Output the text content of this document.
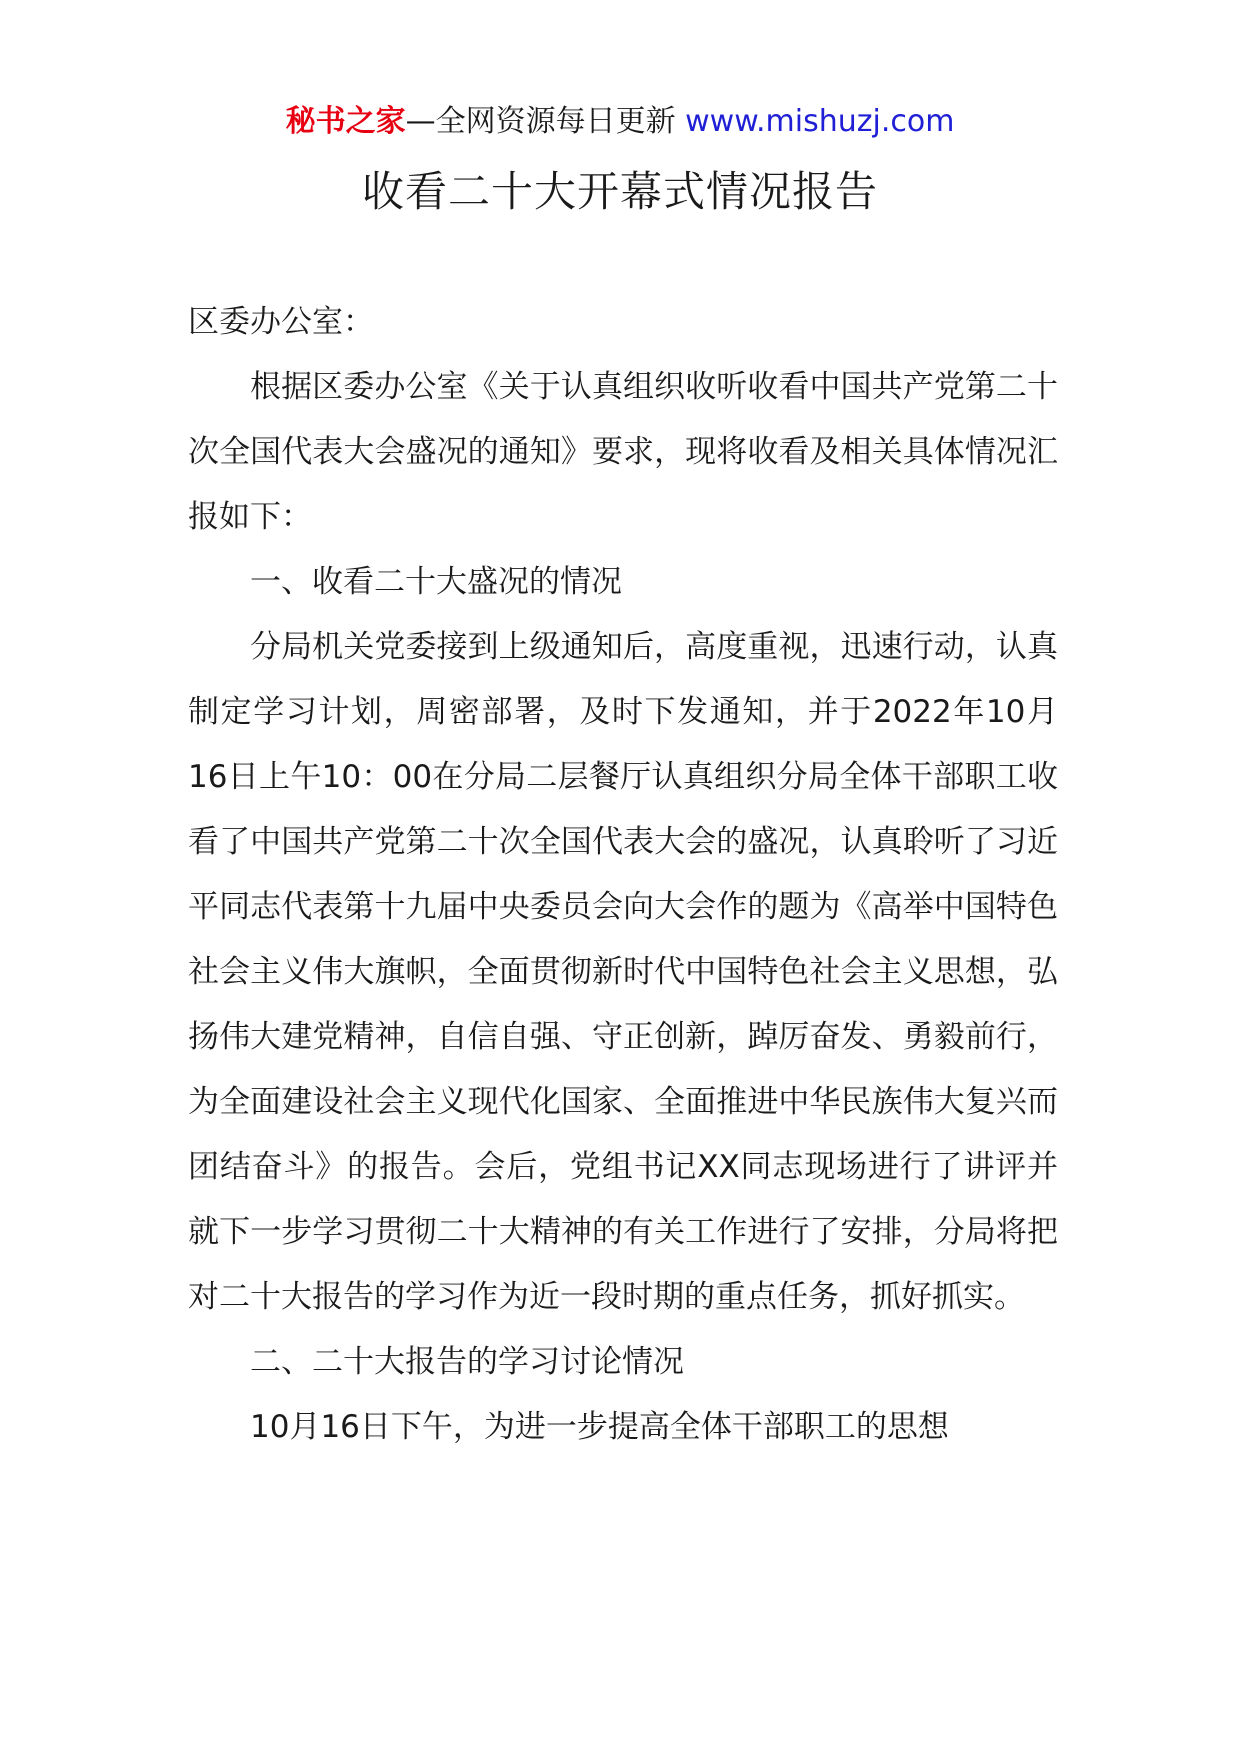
秘书之家—全网资源每日更新 www.mishuzj.com
收看二十大开幕式情况报告

区委办公室：

根据区委办公室《关于认真组织收听收看中国共产党第二十次全国代表大会盛况的通知》要求，现将收看及相关具体情况汇报如下：

一、收看二十大盛况的情况

分局机关党委接到上级通知后，高度重视，迅速行动，认真制定学习计划，周密部署，及时下发通知，并于2022年10月16日上午10：00在分局二层餐厅认真组织分局全体干部职工收看了中国共产党第二十次全国代表大会的盛况，认真聆听了习近平同志代表第十九届中央委员会向大会作的题为《高举中国特色社会主义伟大旗帜，全面贯彻新时代中国特色社会主义思想，弘扬伟大建党精神，自信自强、守正创新，踔厉奋发、勇毅前行，为全面建设社会主义现代化国家、全面推进中华民族伟大复兴而团结奋斗》的报告。会后，党组书记XX同志现场进行了讲评并就下一步学习贯彻二十大精神的有关工作进行了安排，分局将把对二十大报告的学习作为近一段时期的重点任务，抓好抓实。

二、二十大报告的学习讨论情况

10月16日下午，为进一步提高全体干部职工的思想
